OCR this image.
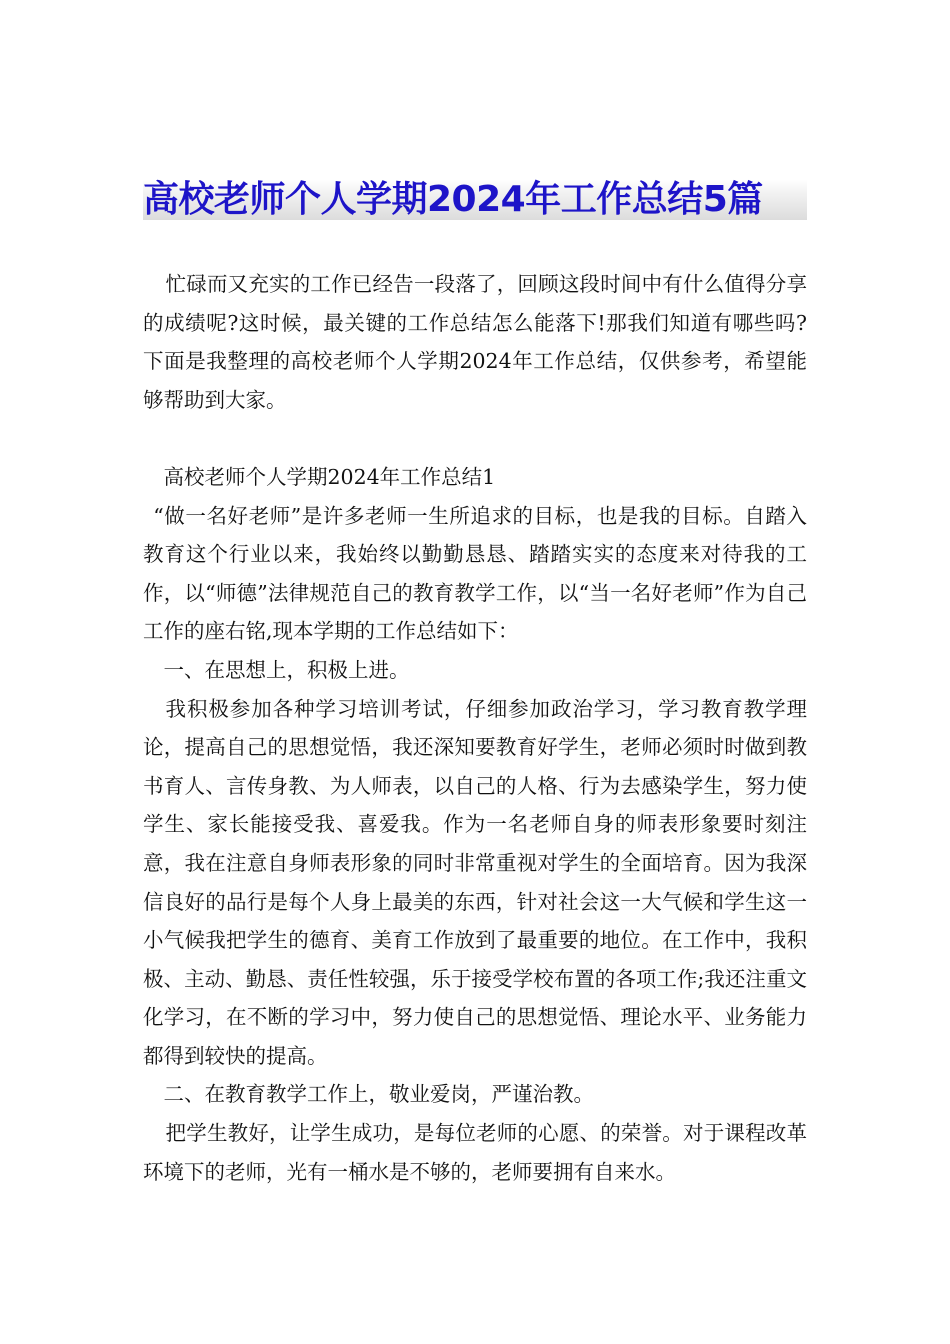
高校老师个人学期2024年工作总结5篇

忙碌而又充实的工作已经告一段落了，回顾这段时间中有什么值得分享的成绩呢?这时候，最关键的工作总结怎么能落下!那我们知道有哪些吗?下面是我整理的高校老师个人学期2024年工作总结，仅供参考，希望能够帮助到大家。

高校老师个人学期2024年工作总结1

“做一名好老师”是许多老师一生所追求的目标，也是我的目标。自踏入教育这个行业以来，我始终以勤勤恳恳、踏踏实实的态度来对待我的工作，以“师德”法律规范自己的教育教学工作，以“当一名好老师”作为自己工作的座右铭,现本学期的工作总结如下：

一、在思想上，积极上进。

我积极参加各种学习培训考试，仔细参加政治学习，学习教育教学理论，提高自己的思想觉悟，我还深知要教育好学生，老师必须时时做到教书育人、言传身教、为人师表，以自己的人格、行为去感染学生，努力使学生、家长能接受我、喜爱我。作为一名老师自身的师表形象要时刻注意，我在注意自身师表形象的同时非常重视对学生的全面培育。因为我深信良好的品行是每个人身上最美的东西，针对社会这一大气候和学生这一小气候我把学生的德育、美育工作放到了最重要的地位。在工作中，我积极、主动、勤恳、责任性较强，乐于接受学校布置的各项工作;我还注重文化学习，在不断的学习中，努力使自己的思想觉悟、理论水平、业务能力都得到较快的提高。

二、在教育教学工作上，敬业爱岗，严谨治教。

把学生教好，让学生成功，是每位老师的心愿、的荣誉。对于课程改革环境下的老师，光有一桶水是不够的，老师要拥有自来水。
